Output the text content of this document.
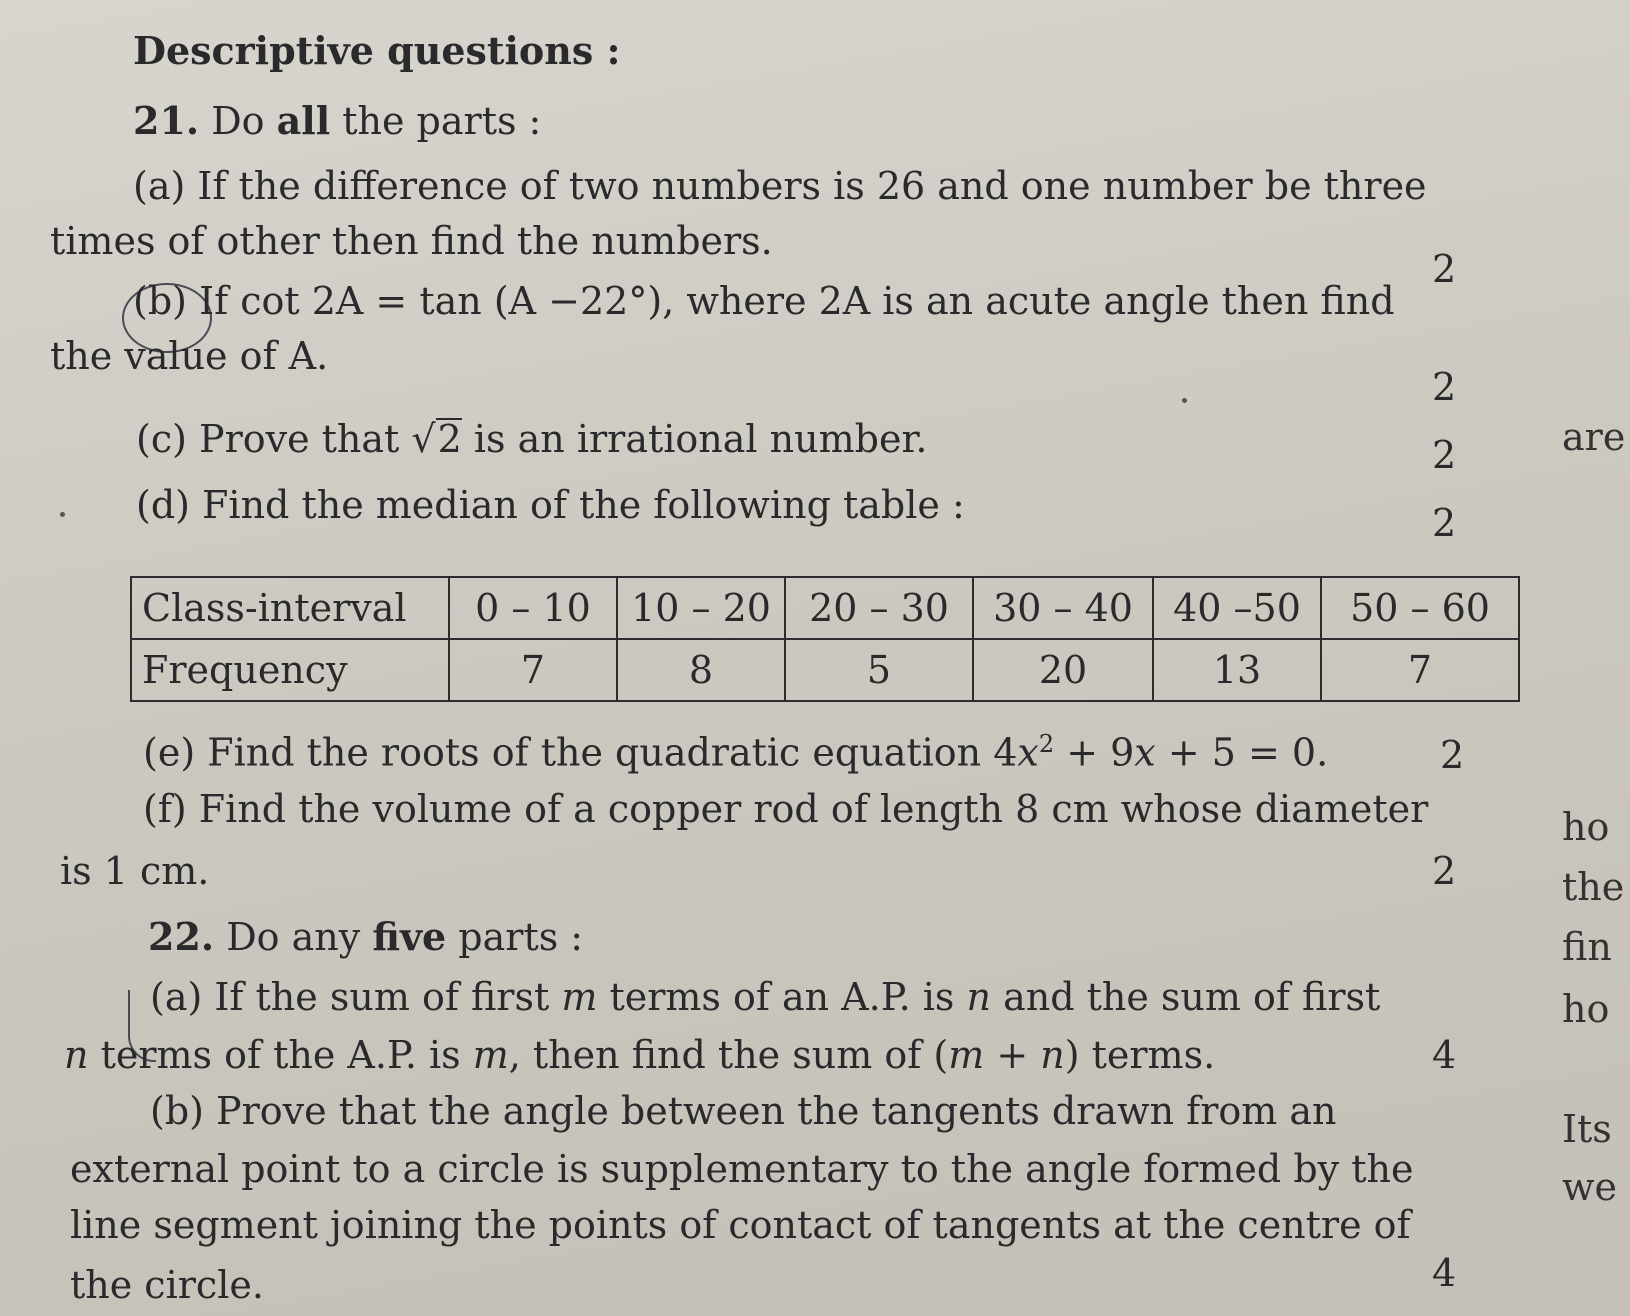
Descriptive questions :
21. Do all the parts :
(a) If the difference of two numbers is 26 and one number be three
times of other then find the numbers.
2
(b) If cot 2A = tan (A −22°), where 2A is an acute angle then find
the value of A.
2
(c) Prove that √2 is an irrational number.	2
(d) Find the median of the following table :	2
Class-interval	0 – 10	10 – 20	20 – 30	30 – 40	40 –50	50 – 60
Frequency	7	8	5	20	13	7
(e) Find the roots of the quadratic equation $4x^2 + 9x + 5 = 0$.	2
(f) Find the volume of a copper rod of length 8 cm whose diameter
is 1 cm.	2
22. Do any five parts :
(a) If the sum of first m terms of an A.P. is n and the sum of first
n terms of the A.P. is m, then find the sum of (m + n) terms.	4
(b) Prove that the angle between the tangents drawn from an
external point to a circle is supplementary to the angle formed by the
line segment joining the points of contact of tangents at the centre of
the circle.	4
are
ho
the
fin
ho
Its
we
